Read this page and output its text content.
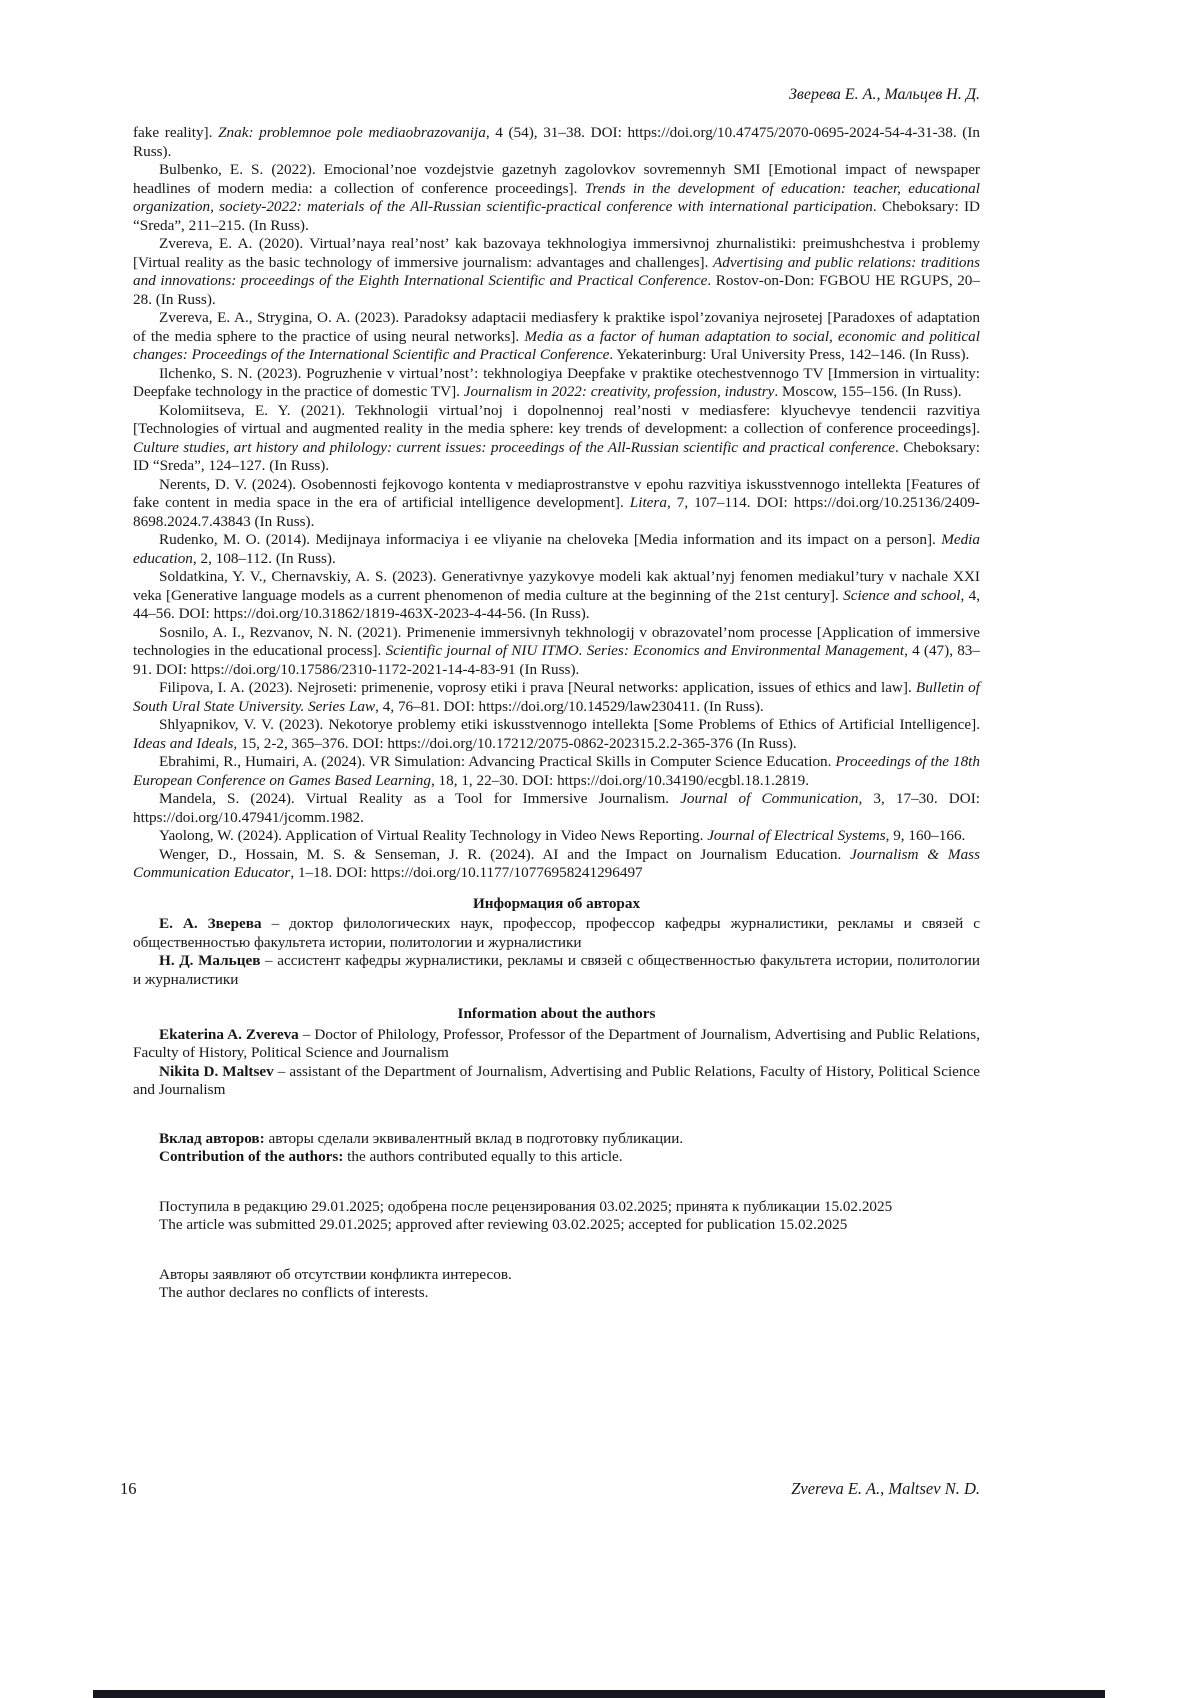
Зверева Е. А., Мальцев Н. Д.

fake reality]. Znak: problemnoe pole mediaobrazovanija, 4 (54), 31–38. DOI: https://doi.org/10.47475/2070-0695-2024-54-4-31-38. (In Russ).

Bulbenko, E. S. (2022). Emocional’noe vozdejstvie gazetnyh zagolovkov sovremennyh SMI [Emotional impact of newspaper headlines of modern media: a collection of conference proceedings]. Trends in the development of education: teacher, educational organization, society-2022: materials of the All-Russian scientific-practical conference with international participation. Cheboksary: ID “Sreda”, 211–215. (In Russ).

Zvereva, E. A. (2020). Virtual’naya real’nost’ kak bazovaya tekhnologiya immersivnoj zhurnalistiki: preimushchestva i problemy [Virtual reality as the basic technology of immersive journalism: advantages and challenges]. Advertising and public relations: traditions and innovations: proceedings of the Eighth International Scientific and Practical Conference. Rostov-on-Don: FGBOU HE RGUPS, 20–28. (In Russ).

Zvereva, E. A., Strygina, O. A. (2023). Paradoksy adaptacii mediasfery k praktike ispol’zovaniya nejrosetej [Paradoxes of adaptation of the media sphere to the practice of using neural networks]. Media as a factor of human adaptation to social, economic and political changes: Proceedings of the International Scientific and Practical Conference. Yekaterinburg: Ural University Press, 142–146. (In Russ).

Ilchenko, S. N. (2023). Pogruzhenie v virtual’nost’: tekhnologiya Deepfake v praktike otechestvennogo TV [Immersion in virtuality: Deepfake technology in the practice of domestic TV]. Journalism in 2022: creativity, profession, industry. Moscow, 155–156. (In Russ).

Kolomiitseva, E. Y. (2021). Tekhnologii virtual’noj i dopolnennoj real’nosti v mediasfere: klyuchevye tendencii razvitiya [Technologies of virtual and augmented reality in the media sphere: key trends of development: a collection of conference proceedings]. Culture studies, art history and philology: current issues: proceedings of the All-Russian scientific and practical conference. Cheboksary: ID “Sreda”, 124–127. (In Russ).

Nerents, D. V. (2024). Osobennosti fejkovogo kontenta v mediaprostranstve v epohu razvitiya iskusstvennogo intellekta [Features of fake content in media space in the era of artificial intelligence development]. Litera, 7, 107–114. DOI: https://doi.org/10.25136/2409-8698.2024.7.43843 (In Russ).

Rudenko, M. O. (2014). Medijnaya informaciya i ee vliyanie na cheloveka [Media information and its impact on a person]. Media education, 2, 108–112. (In Russ).

Soldatkina, Y. V., Chernavskiy, A. S. (2023). Generativnye yazykovye modeli kak aktual’nyj fenomen mediakul’tury v nachale XXI veka [Generative language models as a current phenomenon of media culture at the beginning of the 21st century]. Science and school, 4, 44–56. DOI: https://doi.org/10.31862/1819-463X-2023-4-44-56. (In Russ).

Sosnilo, A. I., Rezvanov, N. N. (2021). Primenenie immersivnyh tekhnologij v obrazovatel’nom processe [Application of immersive technologies in the educational process]. Scientific journal of NIU ITMO. Series: Economics and Environmental Management, 4 (47), 83–91. DOI: https://doi.org/10.17586/2310-1172-2021-14-4-83-91 (In Russ).

Filipova, I. A. (2023). Nejroseti: primenenie, voprosy etiki i prava [Neural networks: application, issues of ethics and law]. Bulletin of South Ural State University. Series Law, 4, 76–81. DOI: https://doi.org/10.14529/law230411. (In Russ).

Shlyapnikov, V. V. (2023). Nekotorye problemy etiki iskusstvennogo intellekta [Some Problems of Ethics of Artificial Intelligence]. Ideas and Ideals, 15, 2-2, 365–376. DOI: https://doi.org/10.17212/2075-0862-202315.2.2-365-376 (In Russ).

Ebrahimi, R., Humairi, A. (2024). VR Simulation: Advancing Practical Skills in Computer Science Education. Proceedings of the 18th European Conference on Games Based Learning, 18, 1, 22–30. DOI: https://doi.org/10.34190/ecgbl.18.1.2819.

Mandela, S. (2024). Virtual Reality as a Tool for Immersive Journalism. Journal of Communication, 3, 17–30. DOI: https://doi.org/10.47941/jcomm.1982.

Yaolong, W. (2024). Application of Virtual Reality Technology in Video News Reporting. Journal of Electrical Systems, 9, 160–166.

Wenger, D., Hossain, M. S. & Senseman, J. R. (2024). AI and the Impact on Journalism Education. Journalism & Mass Communication Educator, 1–18. DOI: https://doi.org/10.1177/10776958241296497

Информация об авторах

Е. А. Зверева – доктор филологических наук, профессор, профессор кафедры журналистики, рекламы и связей с общественностью факультета истории, политологии и журналистики

Н. Д. Мальцев – ассистент кафедры журналистики, рекламы и связей с общественностью факультета истории, политологии и журналистики

Information about the authors

Ekaterina A. Zvereva – Doctor of Philology, Professor, Professor of the Department of Journalism, Advertising and Public Relations, Faculty of History, Political Science and Journalism

Nikita D. Maltsev – assistant of the Department of Journalism, Advertising and Public Relations, Faculty of History, Political Science and Journalism

Вклад авторов: авторы сделали эквивалентный вклад в подготовку публикации.

Contribution of the authors: the authors contributed equally to this article.

Поступила в редакцию 29.01.2025; одобрена после рецензирования 03.02.2025; принята к публикации 15.02.2025

The article was submitted 29.01.2025; approved after reviewing 03.02.2025; accepted for publication 15.02.2025

Авторы заявляют об отсутствии конфликта интересов.

The author declares no conflicts of interests.

16	Zvereva E. A., Maltsev N. D.
